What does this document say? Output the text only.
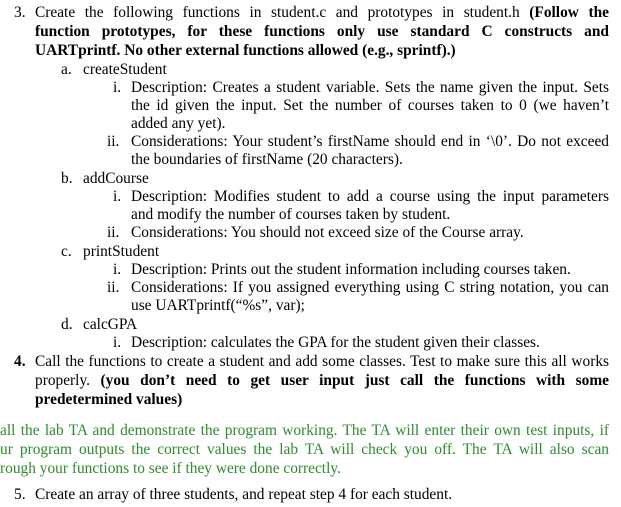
3. Create the following functions in student.c and prototypes in student.h (Follow the
function prototypes, for these functions only use standard C constructs and
UARTprintf. No other external functions allowed (e.g., sprintf).)
a. createStudent
i. Description: Creates a student variable. Sets the name given the input. Sets
the id given the input. Set the number of courses taken to 0 (we haven’t
added any yet).
ii. Considerations: Your student’s firstName should end in ‘\0’. Do not exceed
the boundaries of firstName (20 characters).
b. addCourse
i. Description: Modifies student to add a course using the input parameters
and modify the number of courses taken by student.
ii. Considerations: You should not exceed size of the Course array.
c. printStudent
i. Description: Prints out the student information including courses taken.
ii. Considerations: If you assigned everything using C string notation, you can
use UARTprintf(“%s”, var);
d. calcGPA
i. Description: calculates the GPA for the student given their classes.
4. Call the functions to create a student and add some classes. Test to make sure this all works
properly. (you don’t need to get user input just call the functions with some
predetermined values)
all the lab TA and demonstrate the program working. The TA will enter their own test inputs, if
ur program outputs the correct values the lab TA will check you off. The TA will also scan
rough your functions to see if they were done correctly.
5. Create an array of three students, and repeat step 4 for each student.
